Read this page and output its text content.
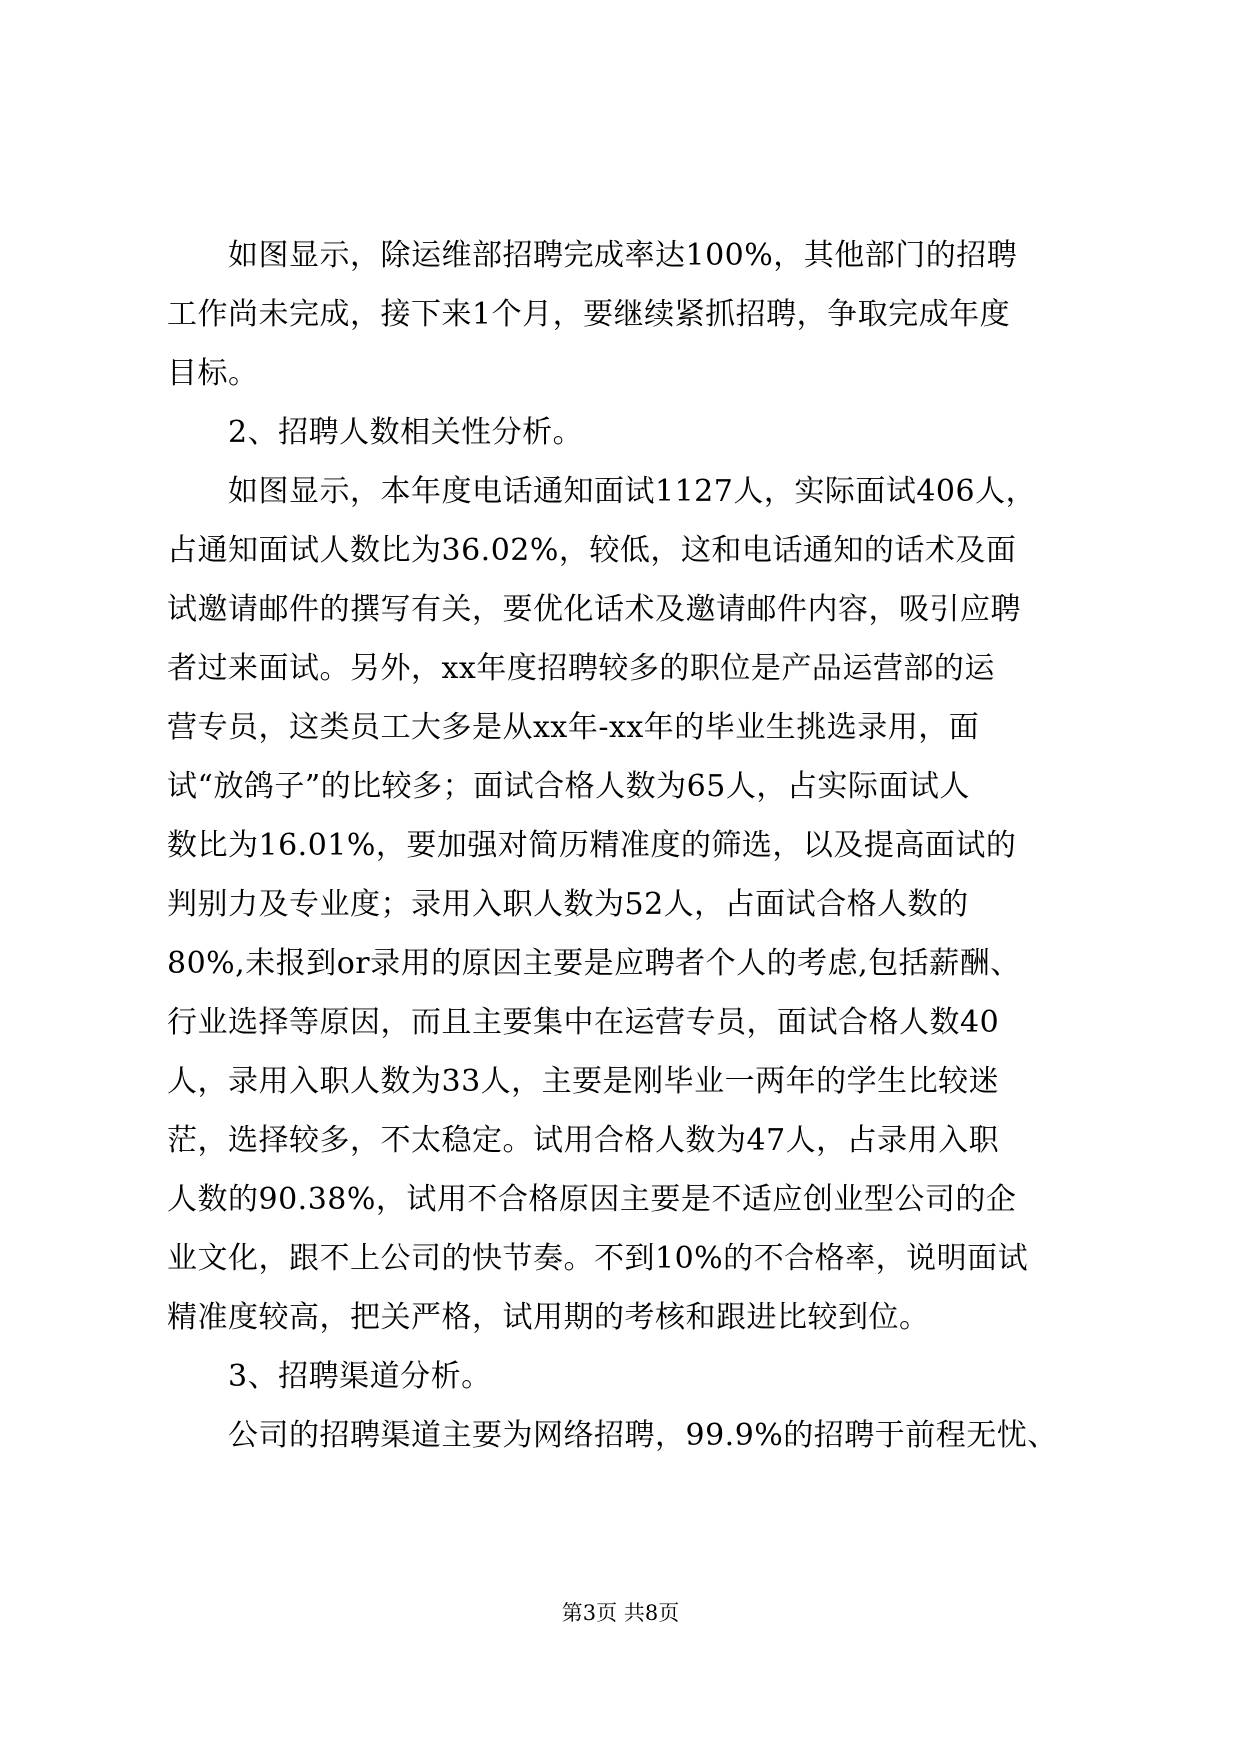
　　如图显示，除运维部招聘完成率达100%，其他部门的招聘
工作尚未完成，接下来1个月，要继续紧抓招聘，争取完成年度
目标。
　　2、招聘人数相关性分析。
　　如图显示，本年度电话通知面试1127人，实际面试406人，
占通知面试人数比为36.02%，较低，这和电话通知的话术及面
试邀请邮件的撰写有关，要优化话术及邀请邮件内容，吸引应聘
者过来面试。另外，xx年度招聘较多的职位是产品运营部的运
营专员，这类员工大多是从xx年-xx年的毕业生挑选录用，面
试“放鸽子”的比较多；面试合格人数为65人，占实际面试人
数比为16.01%，要加强对简历精准度的筛选，以及提高面试的
判别力及专业度；录用入职人数为52人，占面试合格人数的
80%,未报到or录用的原因主要是应聘者个人的考虑,包括薪酬、
行业选择等原因，而且主要集中在运营专员，面试合格人数40
人，录用入职人数为33人，主要是刚毕业一两年的学生比较迷
茫，选择较多，不太稳定。试用合格人数为47人，占录用入职
人数的90.38%，试用不合格原因主要是不适应创业型公司的企
业文化，跟不上公司的快节奏。不到10%的不合格率，说明面试
精准度较高，把关严格，试用期的考核和跟进比较到位。
　　3、招聘渠道分析。
　　公司的招聘渠道主要为网络招聘，99.9%的招聘于前程无忧、
第3页 共8页
